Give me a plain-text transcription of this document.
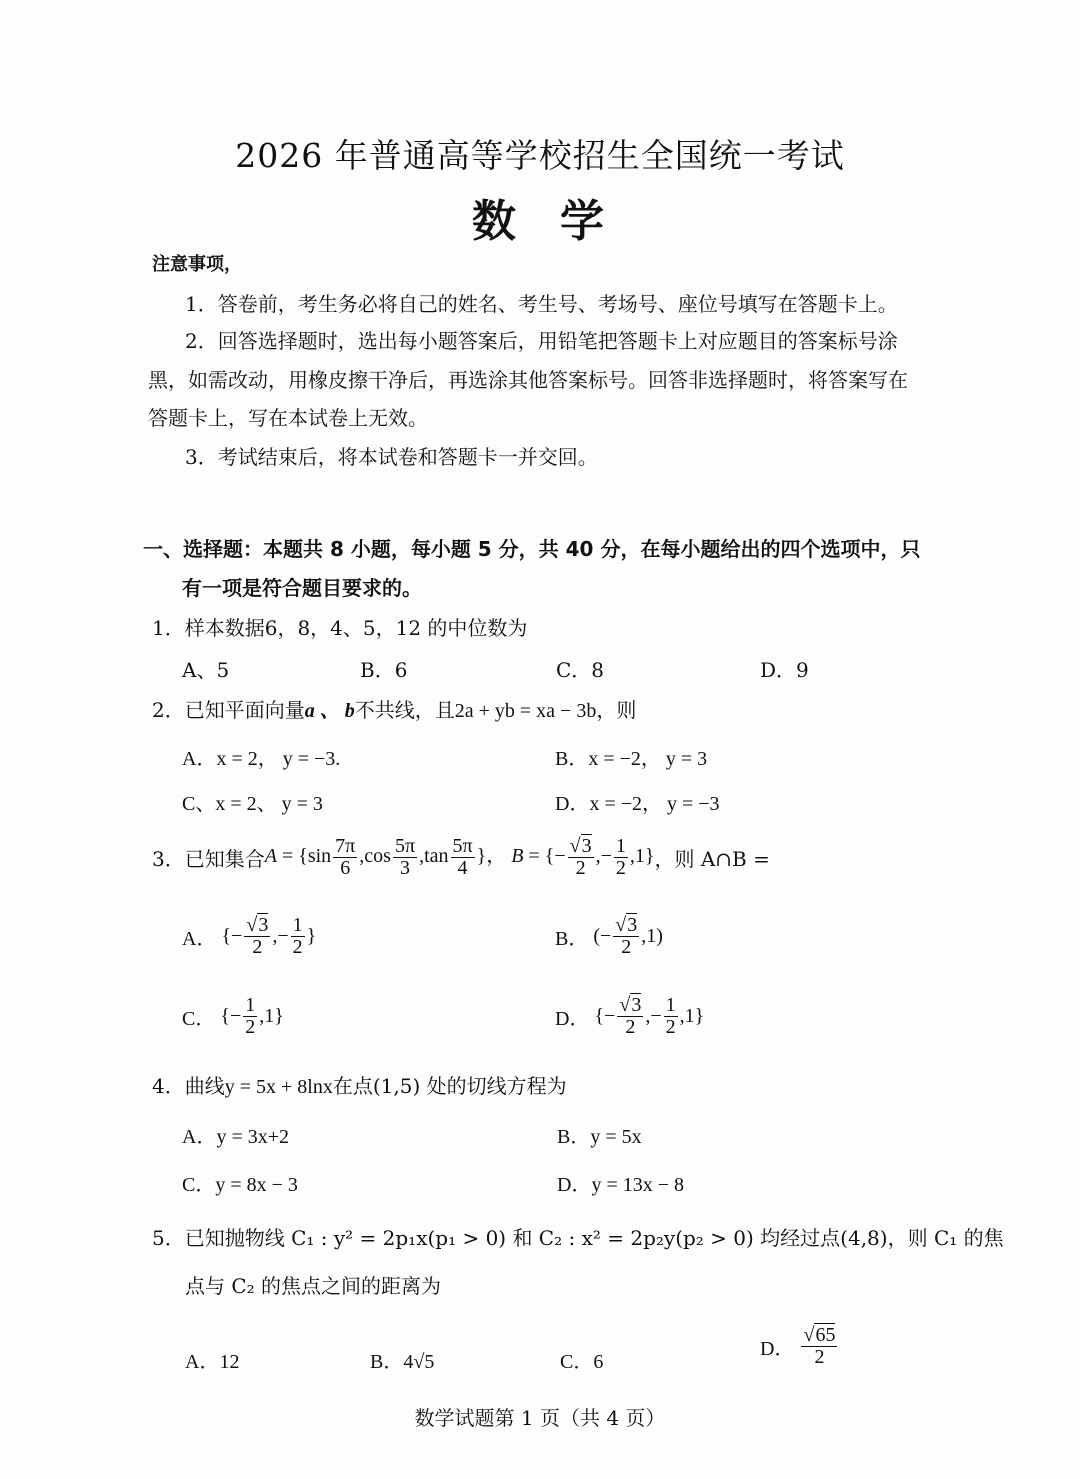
2026 年普通高等学校招生全国统一考试
数学
注意事项，
1．答卷前，考生务必将自己的姓名、考生号、考场号、座位号填写在答题卡上。
2．回答选择题时，选出每小题答案后，用铅笔把答题卡上对应题目的答案标号涂
黑，如需改动，用橡皮擦干净后，再选涂其他答案标号。回答非选择题时，将答案写在
答题卡上，写在本试卷上无效。
3．考试结束后，将本试卷和答题卡一并交回。
一、选择题：本题共 8 小题，每小题 5 分，共 40 分，在每小题给出的四个选项中，只
有一项是符合题目要求的。
1．样本数据6，8，4、5，12 的中位数为
A、5	B．6	C．8	D．9
2．已知平面向量a 、 b不共线，且2a + yb = xa − 3b，则
A．x = 2， y = −3.	B．x = −2， y = 3
C、x = 2、 y = 3	D．x = −2， y = −3
3．已知集合 $A = \{\sin \frac{7\pi}{6} ,\cos \frac{5\pi}{3} ,\tan \frac{5\pi}{4}$ }， B = {− $\frac{√3}{2}$ ,− $\frac{1}{2} ,1$} ，则 A∩B =
A． {− $\frac{√3}{2}$ ,− $\frac{1}{2}$ }	B． (− $\frac{√3}{2} ,1$)
C． {− $\frac{1}{2} ,1$}	D． {− $\frac{√3}{2}$ ,− $\frac{1}{2} ,1$}
4．曲线y = 5x + 8lnx在点(1,5) 处的切线方程为
A．y = 3x+2	B．y = 5x
C．y = 8x − 3	D．y = 13x − 8
5．已知抛物线 C₁ : y² = 2p₁x(p₁ > 0) 和 C₂ : x² = 2p₂y(p₂ > 0) 均经过点(4,8)，则 C₁ 的焦
点与 C₂ 的焦点之间的距离为
A．12	B．4√5	C．6
D．
$\frac{√65}{2}$
数学试题第 1 页（共 4 页）
